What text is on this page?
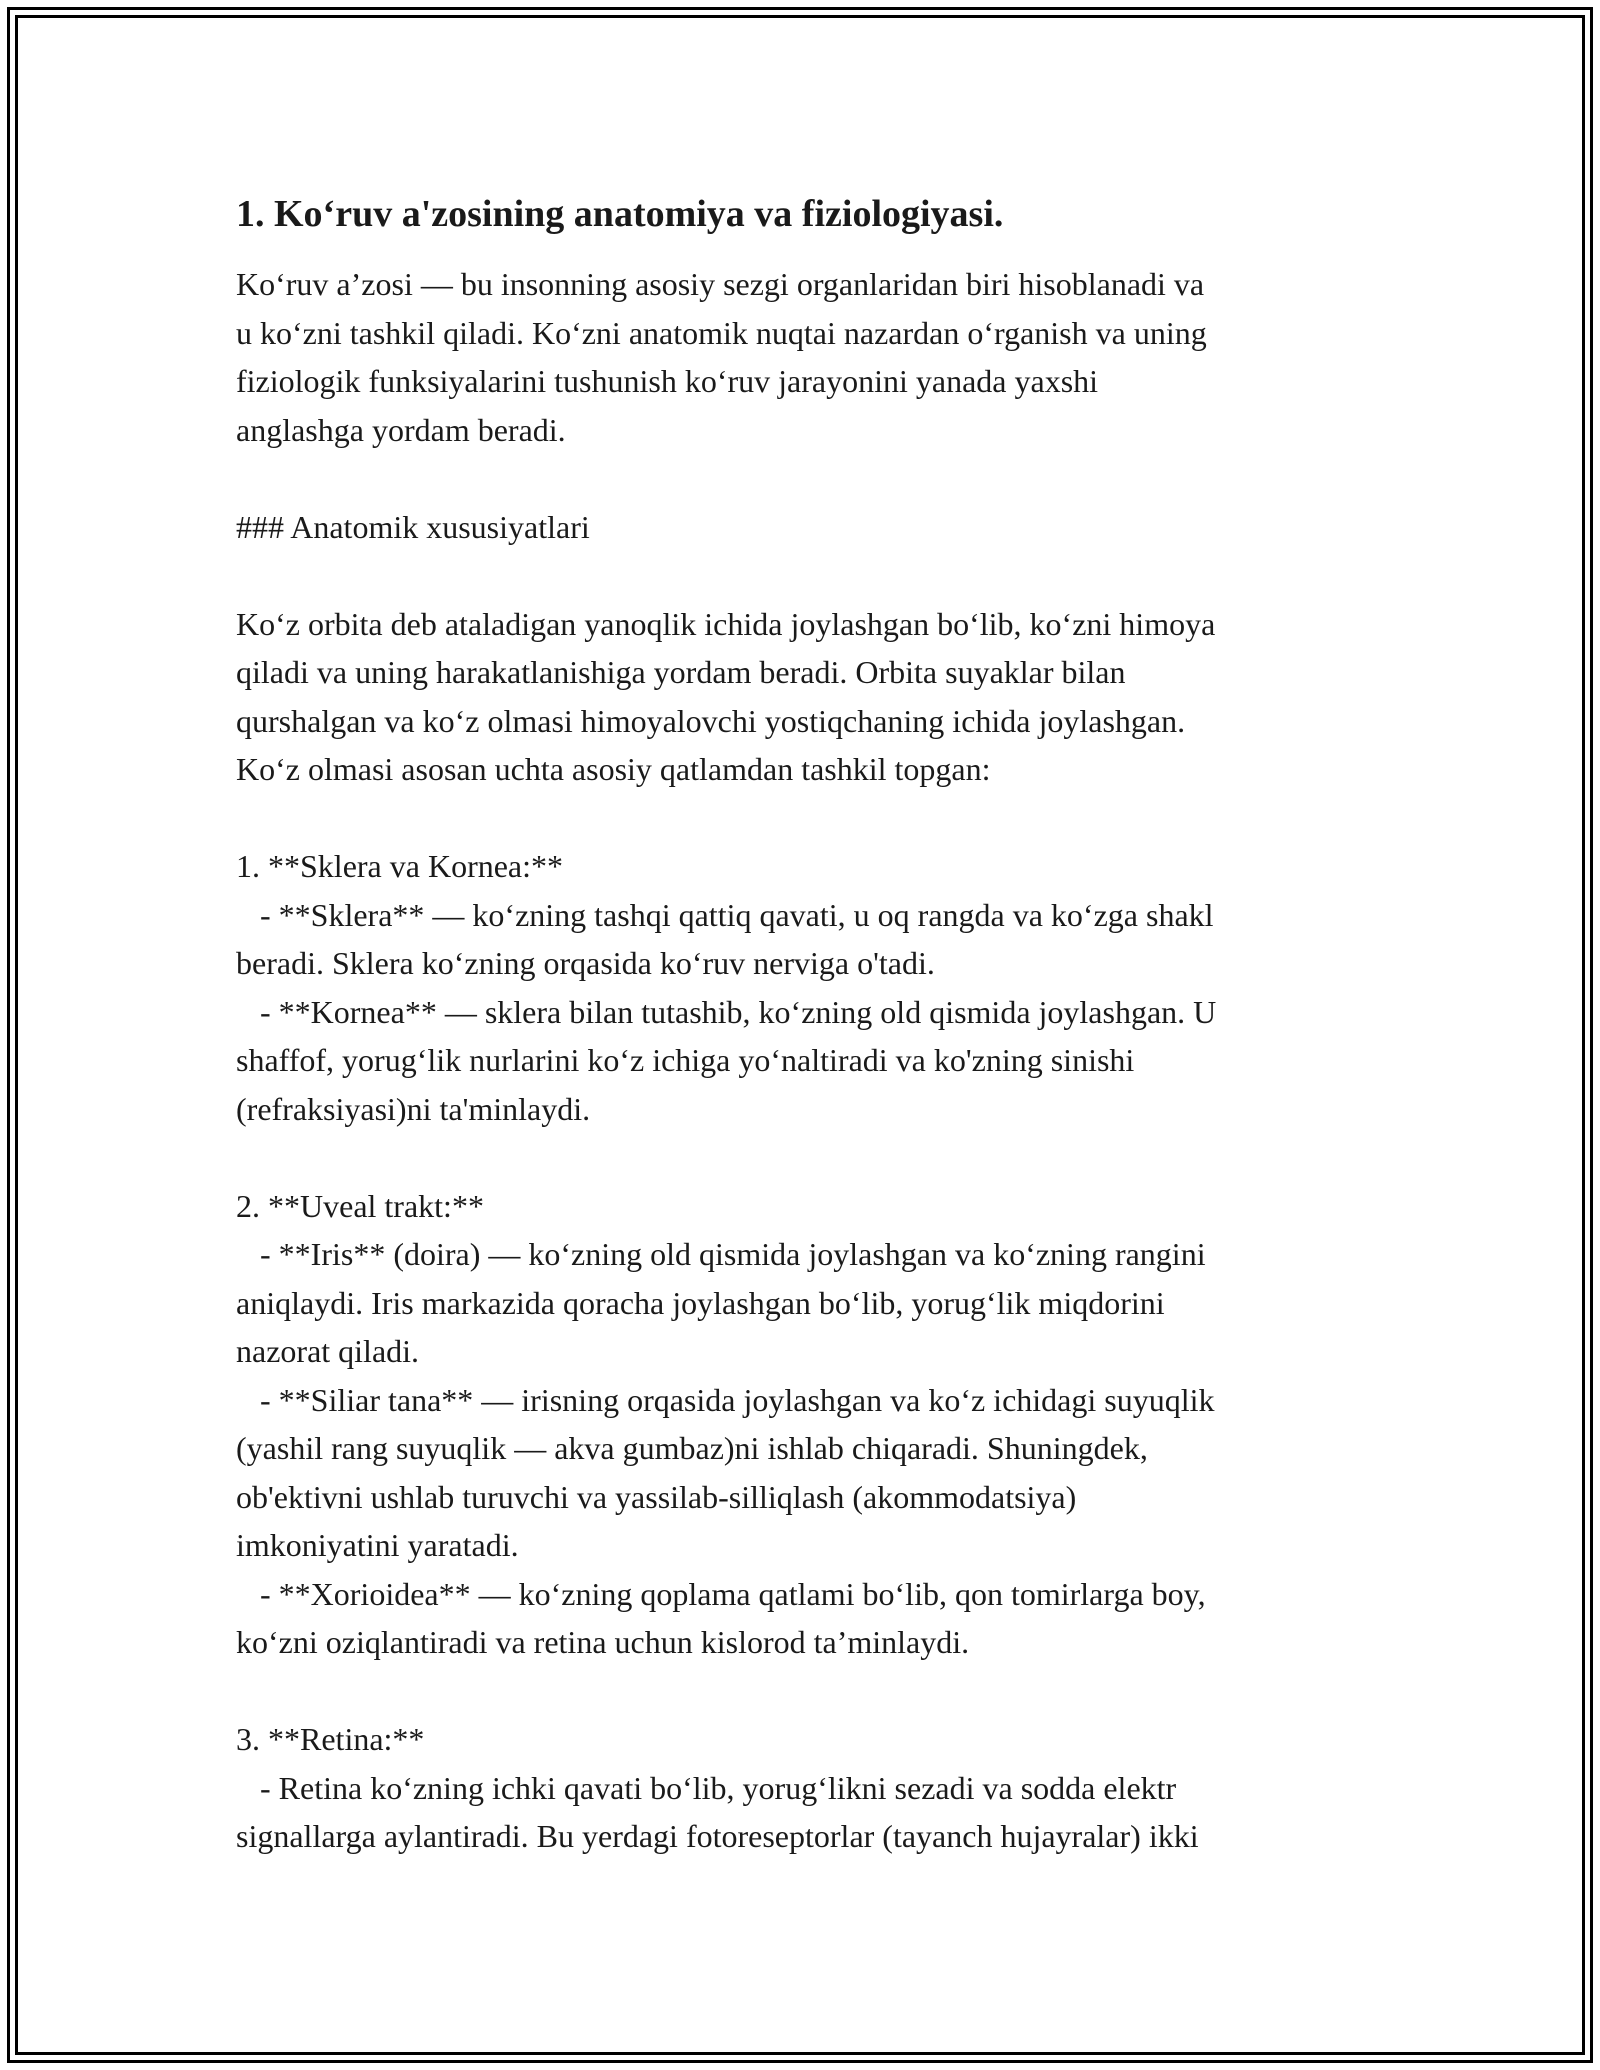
1. Ko‘ruv a'zosining anatomiya va fiziologiyasi.
Ko‘ruv a’zosi — bu insonning asosiy sezgi organlaridan biri hisoblanadi va
u ko‘zni tashkil qiladi. Ko‘zni anatomik nuqtai nazardan o‘rganish va uning
fiziologik funksiyalarini tushunish ko‘ruv jarayonini yanada yaxshi
anglashga yordam beradi.
### Anatomik xususiyatlari
Ko‘z orbita deb ataladigan yanoqlik ichida joylashgan bo‘lib, ko‘zni himoya
qiladi va uning harakatlanishiga yordam beradi. Orbita suyaklar bilan
qurshalgan va ko‘z olmasi himoyalovchi yostiqchaning ichida joylashgan.
Ko‘z olmasi asosan uchta asosiy qatlamdan tashkil topgan:
1. **Sklera va Kornea:**
- **Sklera** — ko‘zning tashqi qattiq qavati, u oq rangda va ko‘zga shakl
beradi. Sklera ko‘zning orqasida ko‘ruv nerviga o'tadi.
- **Kornea** — sklera bilan tutashib, ko‘zning old qismida joylashgan. U
shaffof, yorug‘lik nurlarini ko‘z ichiga yo‘naltiradi va ko'zning sinishi
(refraksiyasi)ni ta'minlaydi.
2. **Uveal trakt:**
- **Iris** (doira) — ko‘zning old qismida joylashgan va ko‘zning rangini
aniqlaydi. Iris markazida qoracha joylashgan bo‘lib, yorug‘lik miqdorini
nazorat qiladi.
- **Siliar tana** — irisning orqasida joylashgan va ko‘z ichidagi suyuqlik
(yashil rang suyuqlik — akva gumbaz)ni ishlab chiqaradi. Shuningdek,
ob'ektivni ushlab turuvchi va yassilab-silliqlash (akommodatsiya)
imkoniyatini yaratadi.
- **Xorioidea** — ko‘zning qoplama qatlami bo‘lib, qon tomirlarga boy,
ko‘zni oziqlantiradi va retina uchun kislorod ta’minlaydi.
3. **Retina:**
- Retina ko‘zning ichki qavati bo‘lib, yorug‘likni sezadi va sodda elektr
signallarga aylantiradi. Bu yerdagi fotoreseptorlar (tayanch hujayralar) ikki
